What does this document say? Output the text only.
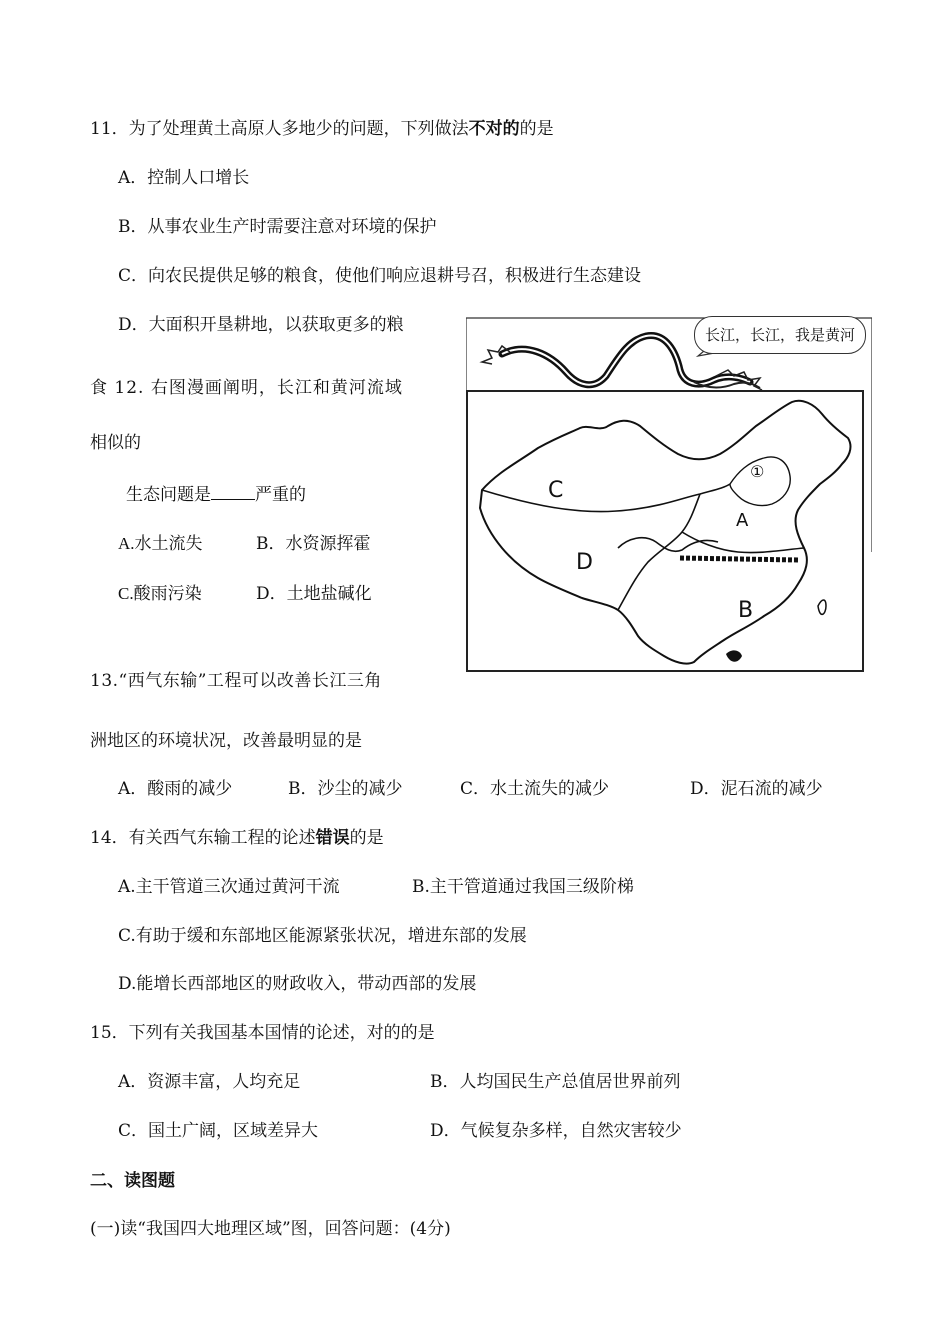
11．为了处理黄土高原人多地少的问题，下列做法不对的的是
A．控制人口增长
B．从事农业生产时需要注意对环境的保护
C．向农民提供足够的粮食，使他们响应退耕号召，积极进行生态建设
D．大面积开垦耕地，以获取更多的粮
食 12. 右图漫画阐明，长江和黄河流域
相似的
生态问题是	严重的
A.水土流失	B．水资源挥霍
C.酸雨污染	D．土地盐碱化
长江，长江，我是黄河
C
D
B
A
①
13.“西气东输”工程可以改善长江三角
洲地区的环境状况，改善最明显的是
A．酸雨的减少	B．沙尘的减少	C．水土流失的减少	D．泥石流的减少
14．有关西气东输工程的论述错误的是
A.主干管道三次通过黄河干流	B.主干管道通过我国三级阶梯
C.有助于缓和东部地区能源紧张状况，增进东部的发展
D.能增长西部地区的财政收入，带动西部的发展
15．下列有关我国基本国情的论述，对的的是
A．资源丰富，人均充足	B．人均国民生产总值居世界前列
C．国土广阔，区域差异大	D．气候复杂多样，自然灾害较少
二、读图题
(一)读“我国四大地理区域”图，回答问题：(4分)
